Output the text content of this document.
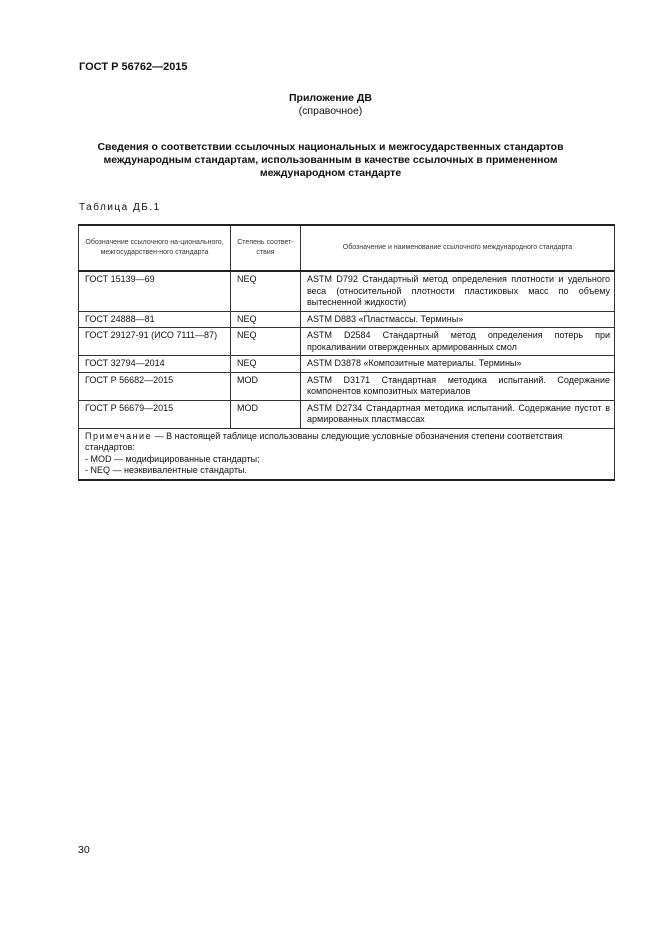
ГОСТ Р 56762—2015
Приложение ДВ
(справочное)
Сведения о соответствии ссылочных национальных и межгосударственных стандартов
международным стандартам, использованным в качестве ссылочных в примененном
международном стандарте
Таблица ДБ.1
Обозначение ссылочного на-ционального, межгосударствен-ного стандарта	Степень соответ-ствия	Обозначение и наименование ссылочного международного стандарта
ГОСТ 15139—69	NEQ	ASTM D792 Стандартный метод определения плотности и удельного веса (относительной плотности пластиковых масс по объему вытесненной жидкости)
ГОСТ 24888—81	NEQ	ASTM D883 «Пластмассы. Термины»
ГОСТ 29127-91 (ИСО 7111—87)	NEQ	ASTM D2584 Стандартный метод определения потерь при прокаливании отвержденных армированных смол
ГОСТ 32794—2014	NEQ	ASTM D3878 «Композитные материалы. Термины»
ГОСТ Р 56682—2015	MOD	ASTM D3171 Стандартная методика испытаний. Содержание компонентов композитных материалов
ГОСТ Р 56679—2015	MOD	ASTM D2734 Стандартная методика испытаний. Содержание пустот в армированных пластмассах

Примечание — В настоящей таблице использованы следующие условные обозначения степени соответствия стандартов:
- MOD — модифицированные стандарты;
- NEQ — неэквивалентные стандарты.		
30
